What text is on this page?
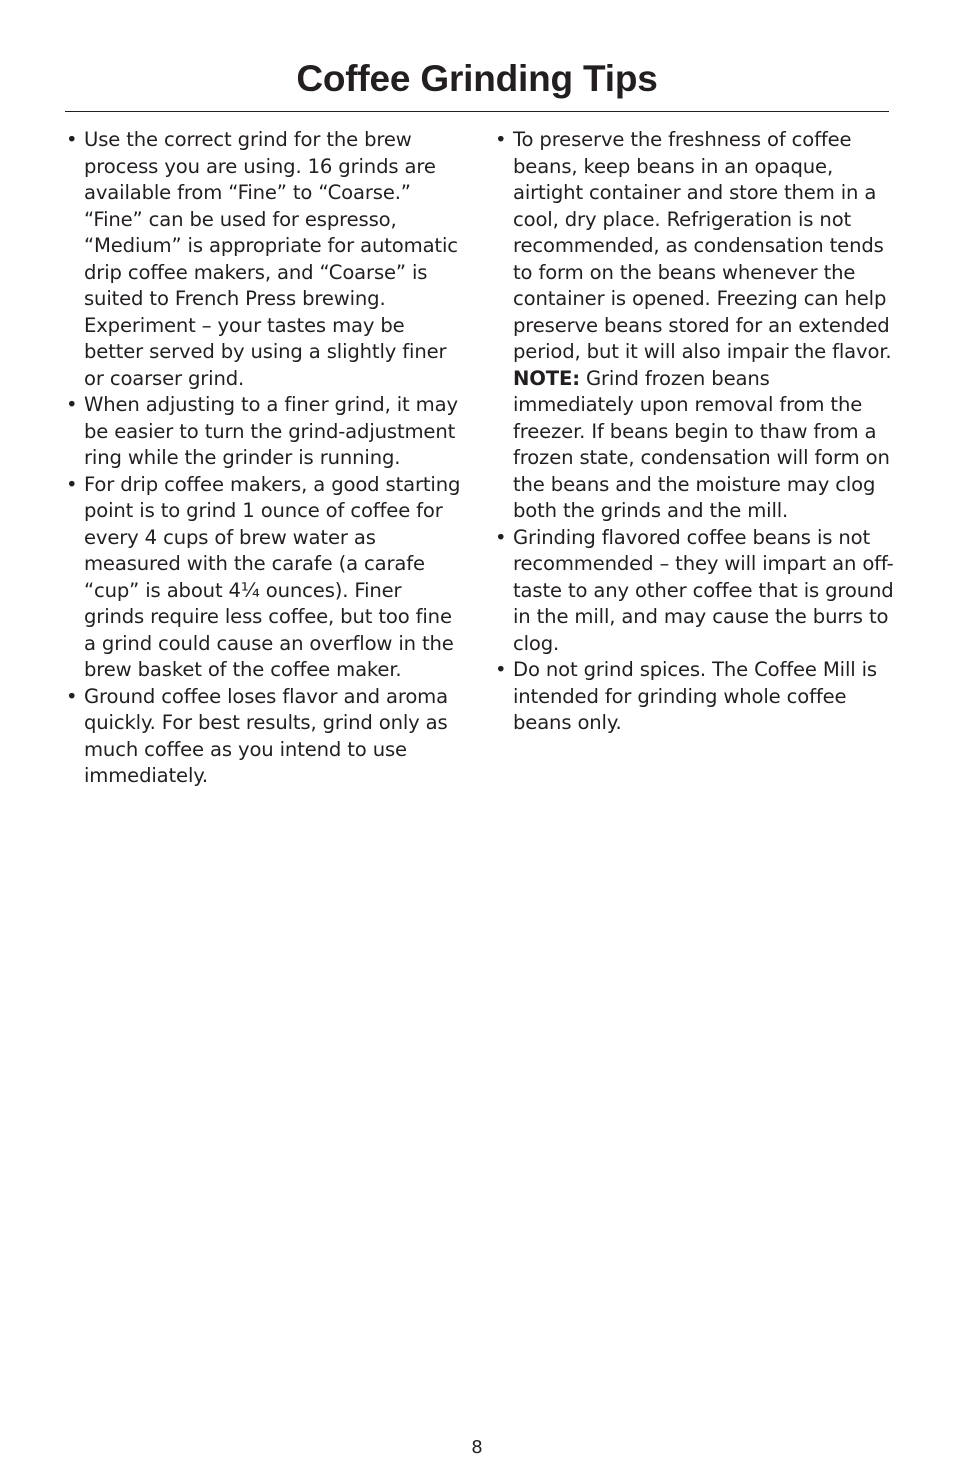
Coffee Grinding Tips
• Use the correct grind for the brew process you are using. 16 grinds are available from “Fine” to “Coarse.” “Fine” can be used for espresso, “Medium” is appropriate for automatic drip coffee makers, and “Coarse” is suited to French Press brewing. Experiment – your tastes may be better served by using a slightly finer or coarser grind.
• When adjusting to a finer grind, it may be easier to turn the grind-adjustment ring while the grinder is running.
• For drip coffee makers, a good starting point is to grind 1 ounce of coffee for every 4 cups of brew water as measured with the carafe (a carafe “cup” is about 4¼ ounces). Finer grinds require less coffee, but too fine a grind could cause an overflow in the brew basket of the coffee maker.
• Ground coffee loses flavor and aroma quickly. For best results, grind only as much coffee as you intend to use immediately.
• To preserve the freshness of coffee beans, keep beans in an opaque, airtight container and store them in a cool, dry place. Refrigeration is not recommended, as condensation tends to form on the beans whenever the container is opened. Freezing can help preserve beans stored for an extended period, but it will also impair the flavor.
NOTE: Grind frozen beans immediately upon removal from the freezer. If beans begin to thaw from a frozen state, condensation will form on the beans and the moisture may clog both the grinds and the mill.
• Grinding flavored coffee beans is not recommended – they will impart an off-taste to any other coffee that is ground in the mill, and may cause the burrs to clog.
• Do not grind spices. The Coffee Mill is intended for grinding whole coffee beans only.
8
